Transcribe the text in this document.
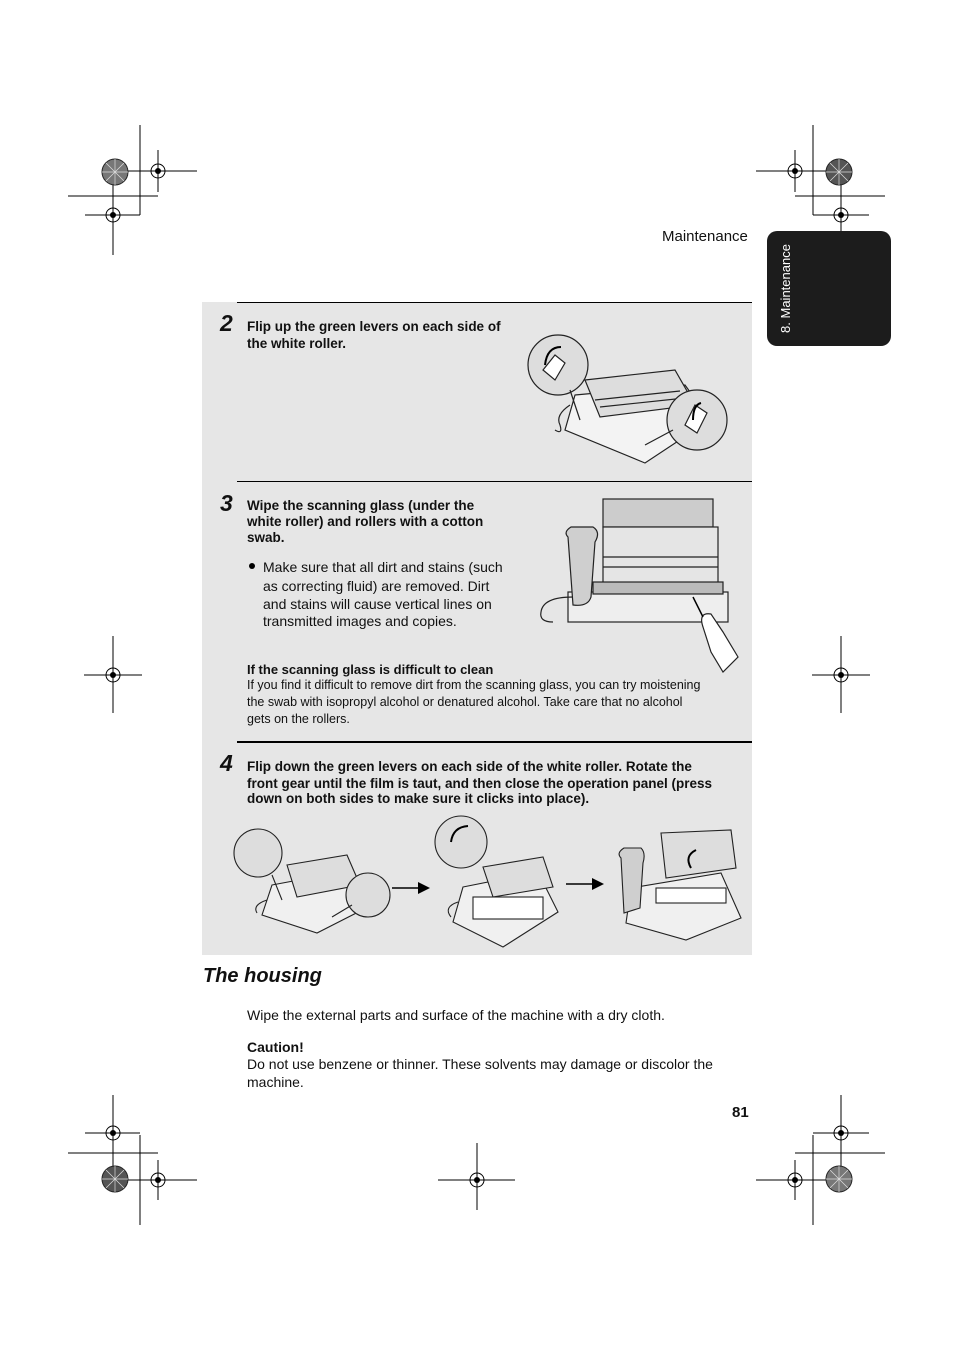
Maintenance
8. Maintenance
2 Flip up the green levers on each side of
the white roller.
3 Wipe the scanning glass (under the
white roller) and rollers with a cotton
swab.
Make sure that all dirt and stains (such
as correcting fluid) are removed. Dirt
and stains will cause vertical lines on
transmitted images and copies.
If the scanning glass is difficult to clean
If you find it difficult to remove dirt from the scanning glass, you can try moistening
the swab with isopropyl alcohol or denatured alcohol. Take care that no alcohol
gets on the rollers.
4 Flip down the green levers on each side of the white roller. Rotate the
front gear until the film is taut, and then close the operation panel (press
down on both sides to make sure it clicks into place).
The housing
Wipe the external parts and surface of the machine with a dry cloth.
Caution!
Do not use benzene or thinner. These solvents may damage or discolor the
machine.
81
